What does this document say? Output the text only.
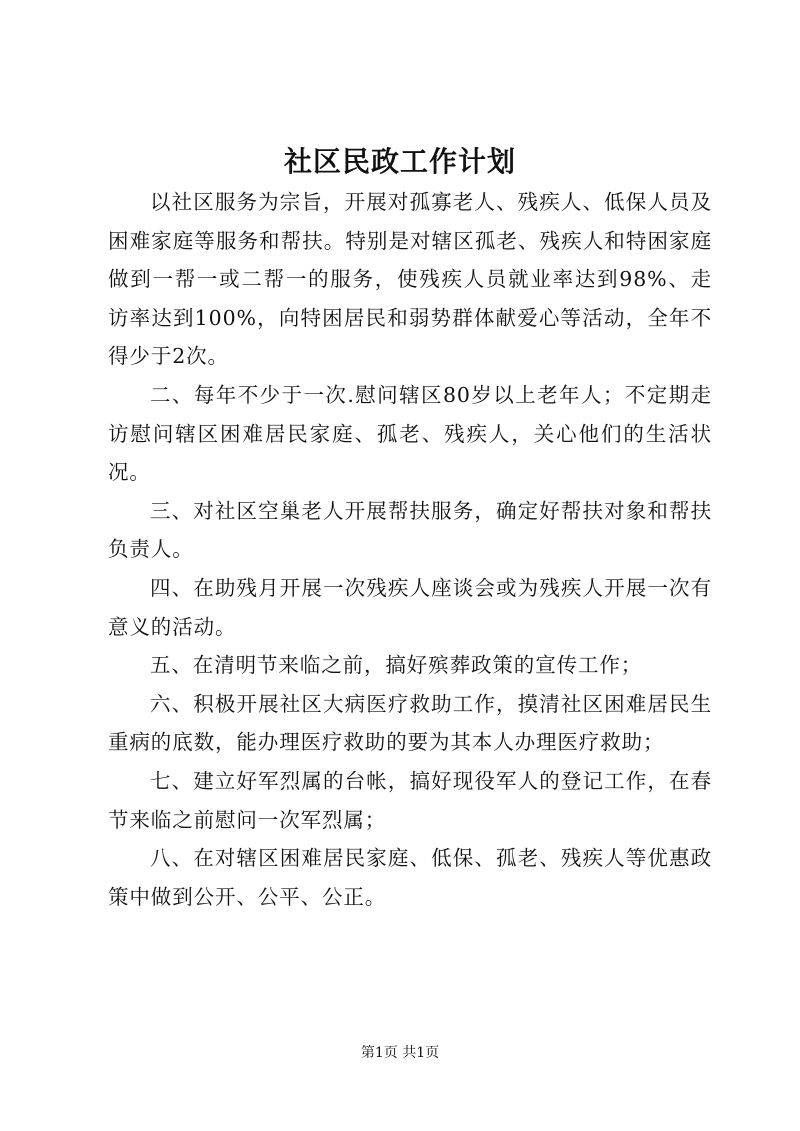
社区民政工作计划

以社区服务为宗旨，开展对孤寡老人、残疾人、低保人员及困难家庭等服务和帮扶。特别是对辖区孤老、残疾人和特困家庭做到一帮一或二帮一的服务，使残疾人员就业率达到98%、走访率达到100%，向特困居民和弱势群体献爱心等活动，全年不得少于2次。

二、每年不少于一次.慰问辖区80岁以上老年人；不定期走访慰问辖区困难居民家庭、孤老、残疾人，关心他们的生活状况。

三、对社区空巢老人开展帮扶服务，确定好帮扶对象和帮扶负责人。

四、在助残月开展一次残疾人座谈会或为残疾人开展一次有意义的活动。

五、在清明节来临之前，搞好殡葬政策的宣传工作；

六、积极开展社区大病医疗救助工作，摸清社区困难居民生重病的底数，能办理医疗救助的要为其本人办理医疗救助；

七、建立好军烈属的台帐，搞好现役军人的登记工作，在春节来临之前慰问一次军烈属；

八、在对辖区困难居民家庭、低保、孤老、残疾人等优惠政策中做到公开、公平、公正。

第1页 共1页
